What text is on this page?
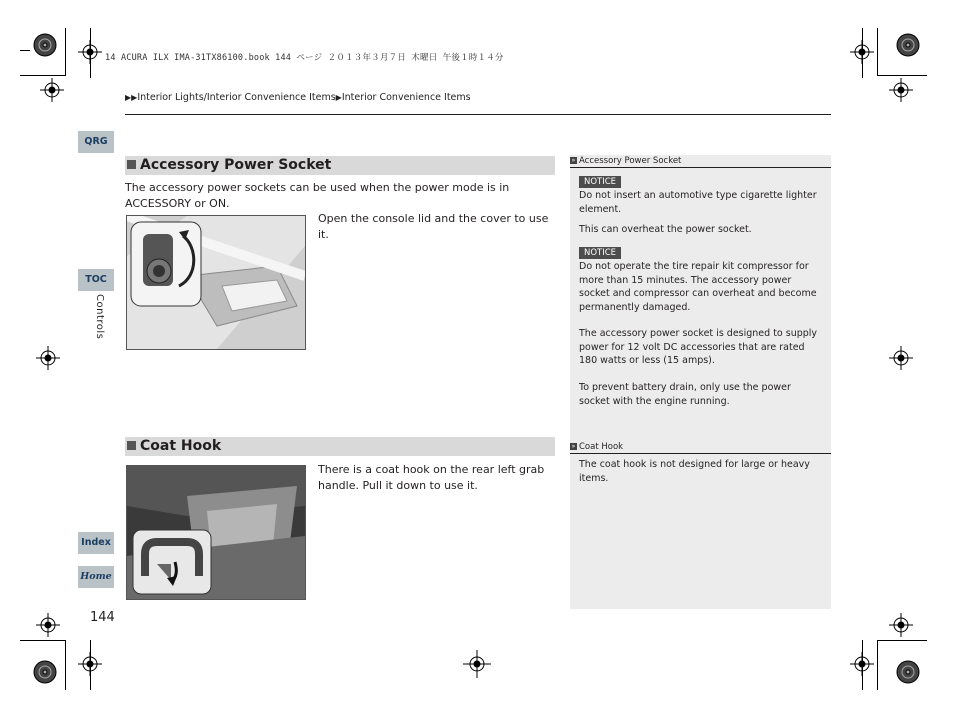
14 ACURA ILX IMA-31TX86100.book 144 ページ ２０１３年３月７日 木曜日 午後１時１４分
▶▶Interior Lights/Interior Convenience Items▶Interior Convenience Items
QRG
TOC
Controls
Index
Home
144
Accessory Power Socket
The accessory power sockets can be used when the power mode is in ACCESSORY or ON.
Open the console lid and the cover to use it.
Coat Hook
There is a coat hook on the rear left grab handle. Pull it down to use it.
» Accessory Power Socket
NOTICE
Do not insert an automotive type cigarette lighter element.
This can overheat the power socket.
NOTICE
Do not operate the tire repair kit compressor for more than 15 minutes. The accessory power socket and compressor can overheat and become permanently damaged.
The accessory power socket is designed to supply power for 12 volt DC accessories that are rated 180 watts or less (15 amps).
To prevent battery drain, only use the power socket with the engine running.
» Coat Hook
The coat hook is not designed for large or heavy items.
